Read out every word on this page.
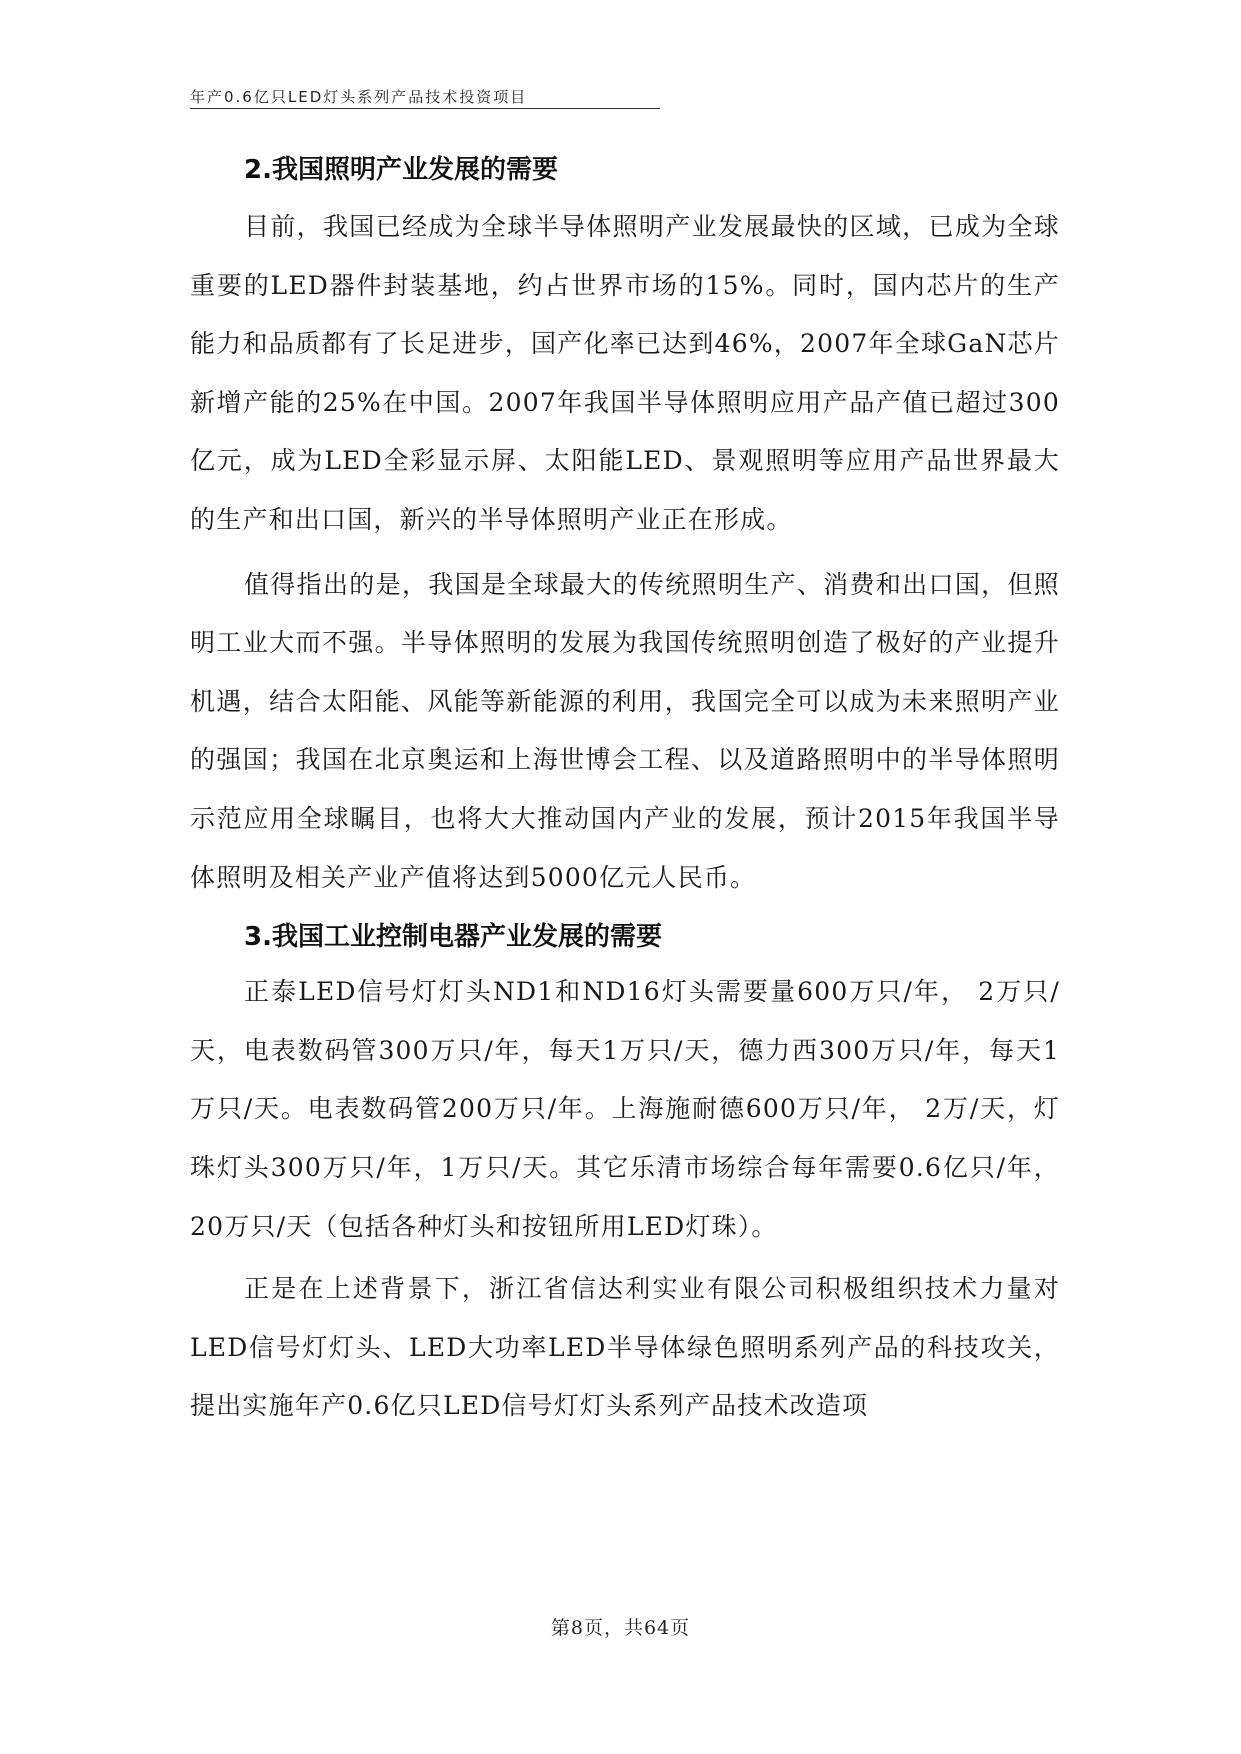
年产0.6亿只LED灯头系列产品技术投资项目
2.我国照明产业发展的需要

目前，我国已经成为全球半导体照明产业发展最快的区域，已成为全球重要的LED器件封装基地，约占世界市场的15%。同时，国内芯片的生产能力和品质都有了长足进步，国产化率已达到46%，2007年全球GaN芯片新增产能的25%在中国。2007年我国半导体照明应用产品产值已超过300亿元，成为LED全彩显示屏、太阳能LED、景观照明等应用产品世界最大的生产和出口国，新兴的半导体照明产业正在形成。

值得指出的是，我国是全球最大的传统照明生产、消费和出口国，但照明工业大而不强。半导体照明的发展为我国传统照明创造了极好的产业提升机遇，结合太阳能、风能等新能源的利用，我国完全可以成为未来照明产业的强国；我国在北京奥运和上海世博会工程、以及道路照明中的半导体照明示范应用全球瞩目，也将大大推动国内产业的发展，预计2015年我国半导体照明及相关产业产值将达到5000亿元人民币。

3.我国工业控制电器产业发展的需要

正泰LED信号灯灯头ND1和ND16灯头需要量600万只/年， 2万只/天，电表数码管300万只/年，每天1万只/天，德力西300万只/年，每天1万只/天。电表数码管200万只/年。上海施耐德600万只/年， 2万/天，灯珠灯头300万只/年，1万只/天。其它乐清市场综合每年需要0.6亿只/年，20万只/天（包括各种灯头和按钮所用LED灯珠）。

正是在上述背景下，浙江省信达利实业有限公司积极组织技术力量对LED信号灯灯头、LED大功率LED半导体绿色照明系列产品的科技攻关，提出实施年产0.6亿只LED信号灯灯头系列产品技术改造项

第8页，共64页
